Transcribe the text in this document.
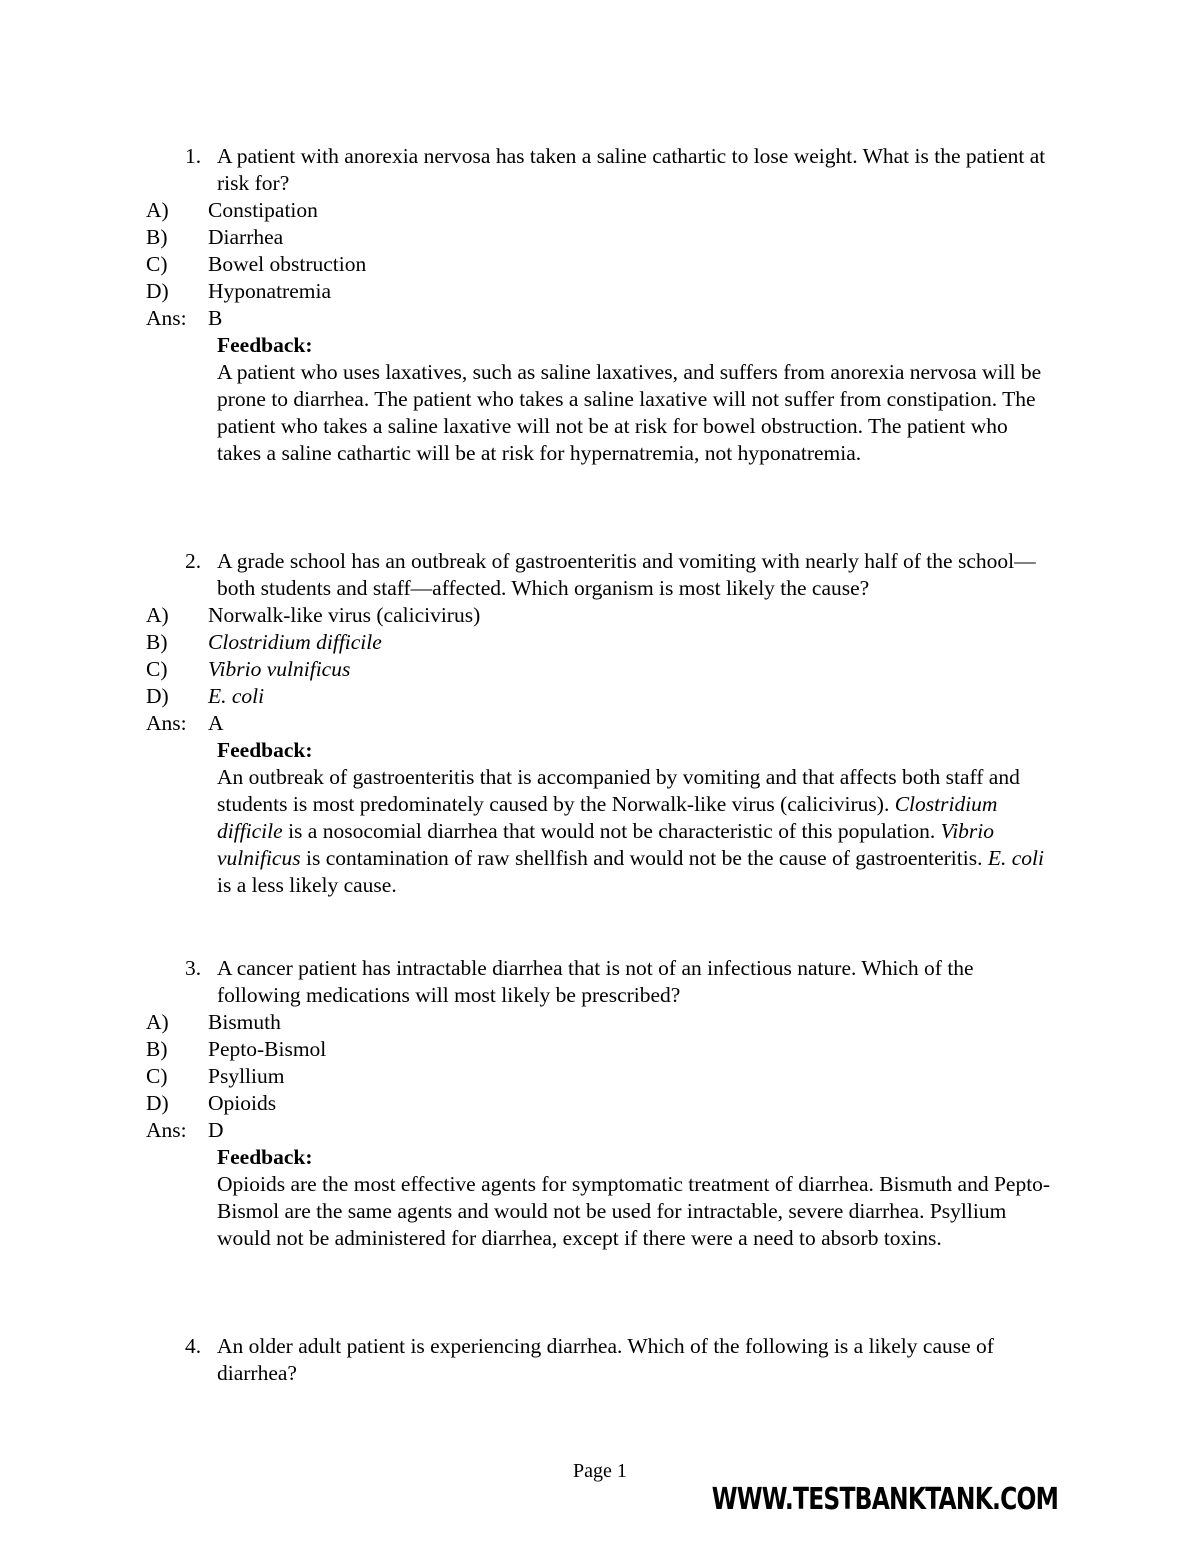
1. A patient with anorexia nervosa has taken a saline cathartic to lose weight. What is the patient at risk for?
A) Constipation
B) Diarrhea
C) Bowel obstruction
D) Hyponatremia
Ans: B
Feedback:
A patient who uses laxatives, such as saline laxatives, and suffers from anorexia nervosa will be prone to diarrhea. The patient who takes a saline laxative will not suffer from constipation. The patient who takes a saline laxative will not be at risk for bowel obstruction. The patient who takes a saline cathartic will be at risk for hypernatremia, not hyponatremia.
2. A grade school has an outbreak of gastroenteritis and vomiting with nearly half of the school—both students and staff—affected. Which organism is most likely the cause?
A) Norwalk-like virus (calicivirus)
B) Clostridium difficile
C) Vibrio vulnificus
D) E. coli
Ans: A
Feedback:
An outbreak of gastroenteritis that is accompanied by vomiting and that affects both staff and students is most predominately caused by the Norwalk-like virus (calicivirus). Clostridium difficile is a nosocomial diarrhea that would not be characteristic of this population. Vibrio vulnificus is contamination of raw shellfish and would not be the cause of gastroenteritis. E. coli is a less likely cause.
3. A cancer patient has intractable diarrhea that is not of an infectious nature. Which of the following medications will most likely be prescribed?
A) Bismuth
B) Pepto-Bismol
C) Psyllium
D) Opioids
Ans: D
Feedback:
Opioids are the most effective agents for symptomatic treatment of diarrhea. Bismuth and Pepto-Bismol are the same agents and would not be used for intractable, severe diarrhea. Psyllium would not be administered for diarrhea, except if there were a need to absorb toxins.
4. An older adult patient is experiencing diarrhea. Which of the following is a likely cause of diarrhea?
Page 1
WWW.TESTBANKTANK.COM
